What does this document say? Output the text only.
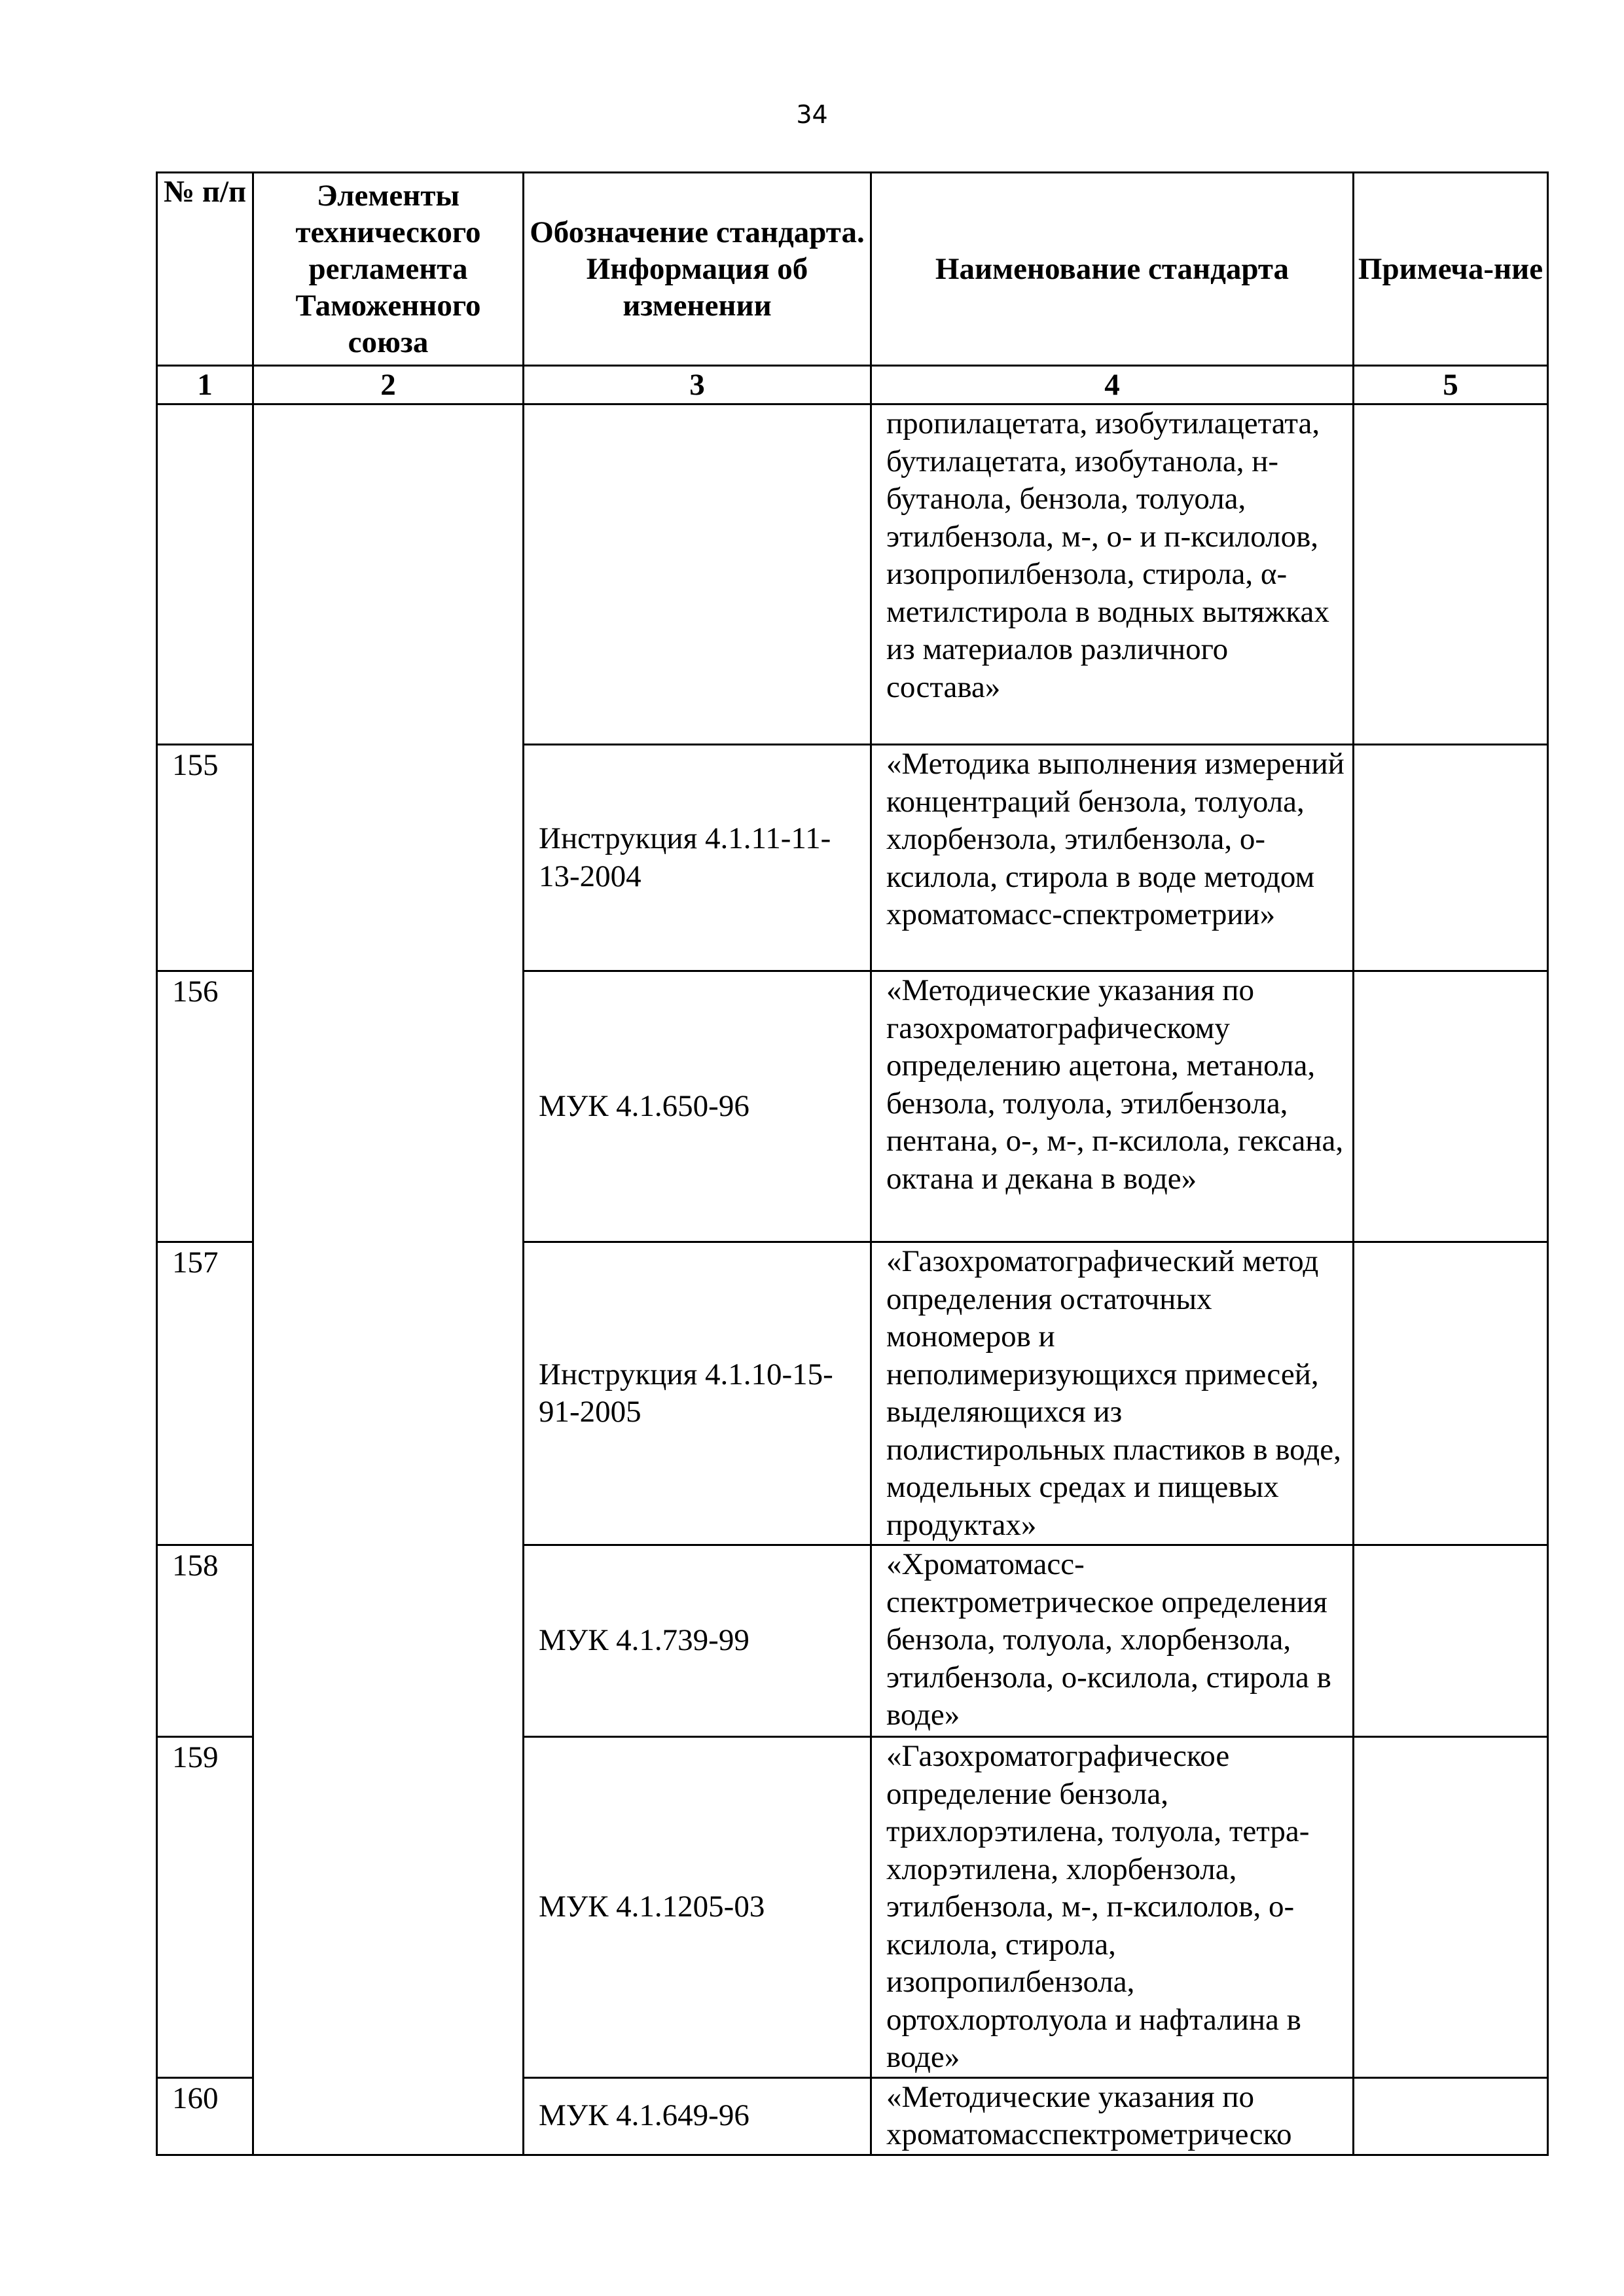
34
№ п/п	Элементы технического регламента Таможенного союза	Обозначение стандарта. Информация об изменении	Наименование стандарта	Примеча-ние
1	2	3	4	5
			пропилацетата, изобутилацетата, бутилацетата, изобутанола, н-бутанола, бензола, толуола, этилбензола, м-, о- и п-ксилолов, изопропилбензола, стирола, α-метилстирола в водных вытяжках из материалов различного состава»	
155		Инструкция 4.1.11-11-13-2004	«Методика выполнения измерений концентраций бензола, толуола, хлорбензола, этилбензола, о-ксилола, стирола в воде методом хроматомасс-спектрометрии»	
156		МУК 4.1.650-96	«Методические указания по газохроматографическому определению ацетона, метанола, бензола, толуола, этилбензола, пентана, о-, м-, п-ксилола, гексана, октана и декана в воде»	
157		Инструкция 4.1.10-15-91-2005	«Газохроматографический метод определения остаточных мономеров и неполимеризующихся примесей, выделяющихся из полистирольных пластиков в воде, модельных средах и пищевых продуктах»	
158		МУК 4.1.739-99	«Хроматомасс-спектрометрическое определения бензола, толуола, хлорбензола, этилбензола, о-ксилола, стирола в воде»	
159		МУК 4.1.1205-03	«Газохроматографическое определение бензола, трихлорэтилена, толуола, тетра-хлорэтилена, хлорбензола, этилбензола, м-, п-ксилолов, о-ксилола, стирола, изопропилбензола, ортохлортолуола и нафталина в воде»	
160		МУК 4.1.649-96	«Методические указания по хроматомасспектрометрическо	
